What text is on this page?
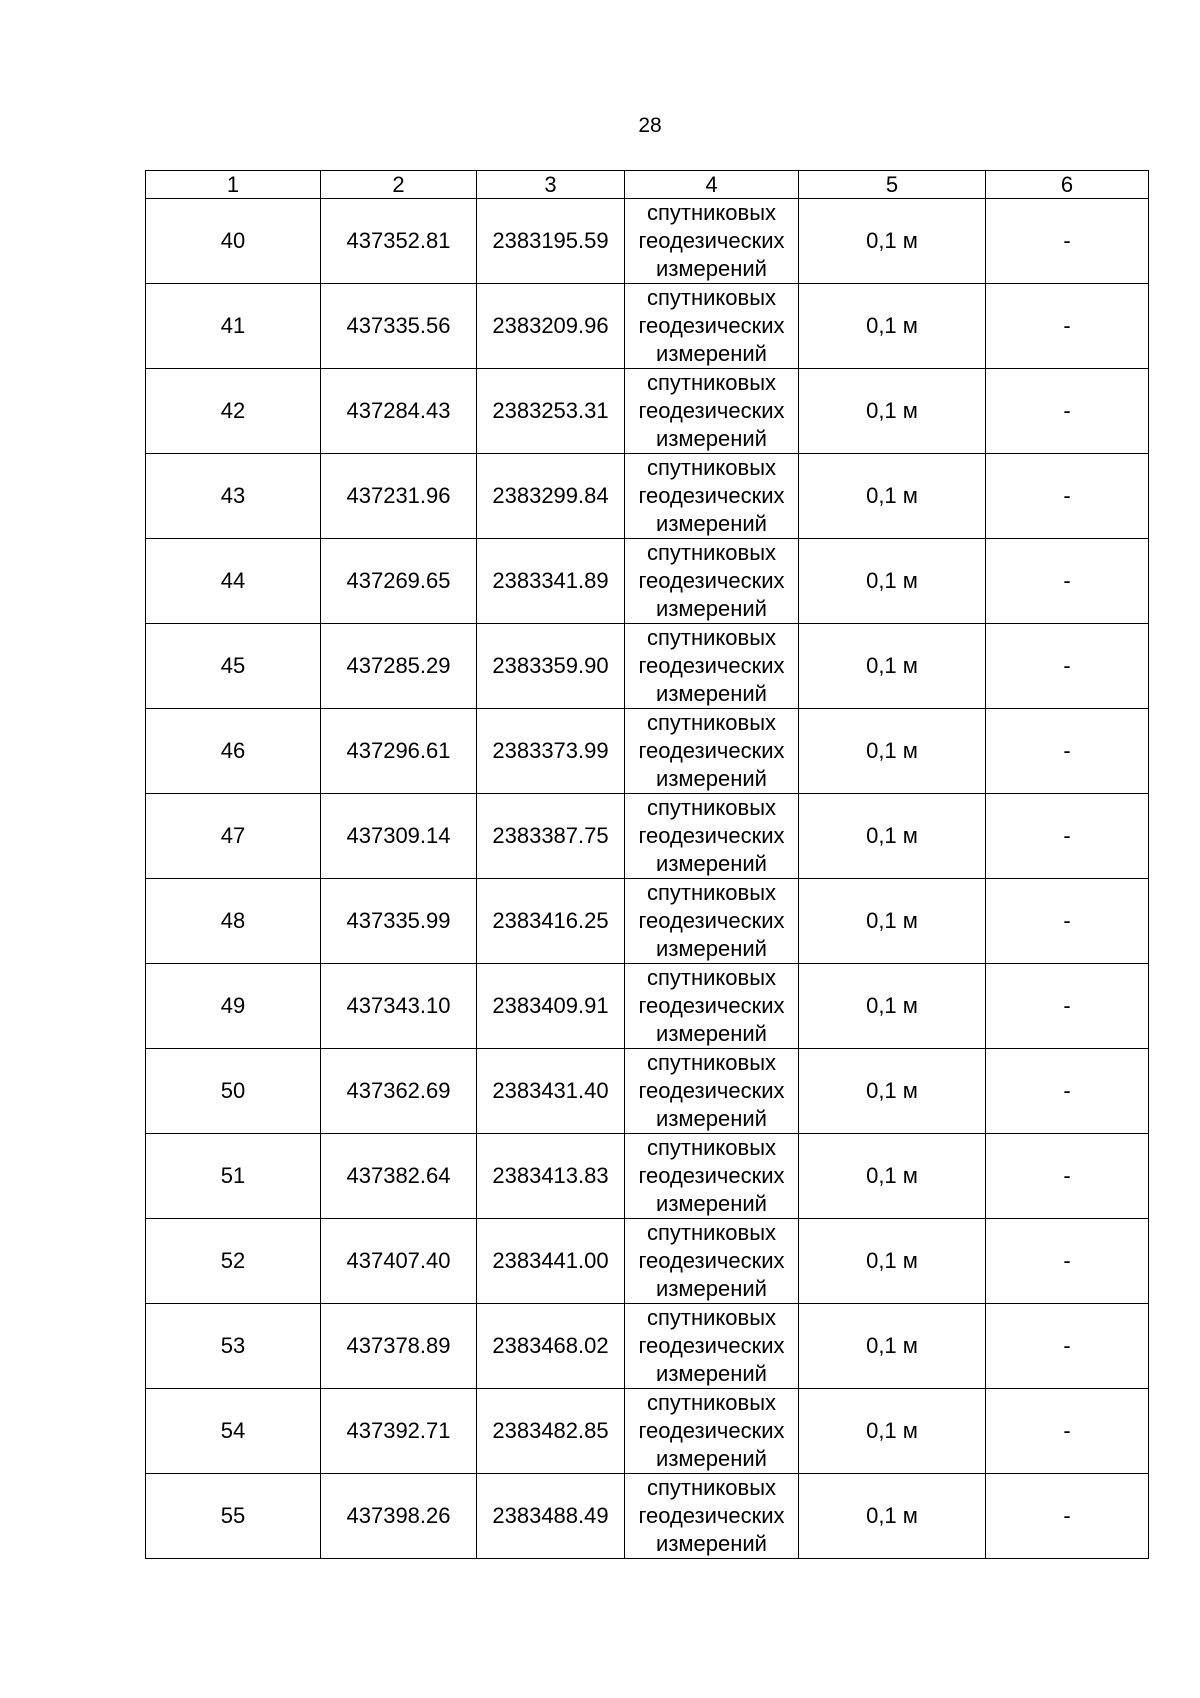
28
1	2	3	4	5	6
40	437352.81	2383195.59	спутниковых
геодезических
измерений	0,1 м	-
41	437335.56	2383209.96	спутниковых
геодезических
измерений	0,1 м	-
42	437284.43	2383253.31	спутниковых
геодезических
измерений	0,1 м	-
43	437231.96	2383299.84	спутниковых
геодезических
измерений	0,1 м	-
44	437269.65	2383341.89	спутниковых
геодезических
измерений	0,1 м	-
45	437285.29	2383359.90	спутниковых
геодезических
измерений	0,1 м	-
46	437296.61	2383373.99	спутниковых
геодезических
измерений	0,1 м	-
47	437309.14	2383387.75	спутниковых
геодезических
измерений	0,1 м	-
48	437335.99	2383416.25	спутниковых
геодезических
измерений	0,1 м	-
49	437343.10	2383409.91	спутниковых
геодезических
измерений	0,1 м	-
50	437362.69	2383431.40	спутниковых
геодезических
измерений	0,1 м	-
51	437382.64	2383413.83	спутниковых
геодезических
измерений	0,1 м	-
52	437407.40	2383441.00	спутниковых
геодезических
измерений	0,1 м	-
53	437378.89	2383468.02	спутниковых
геодезических
измерений	0,1 м	-
54	437392.71	2383482.85	спутниковых
геодезических
измерений	0,1 м	-
55	437398.26	2383488.49	спутниковых
геодезических
измерений	0,1 м	-
